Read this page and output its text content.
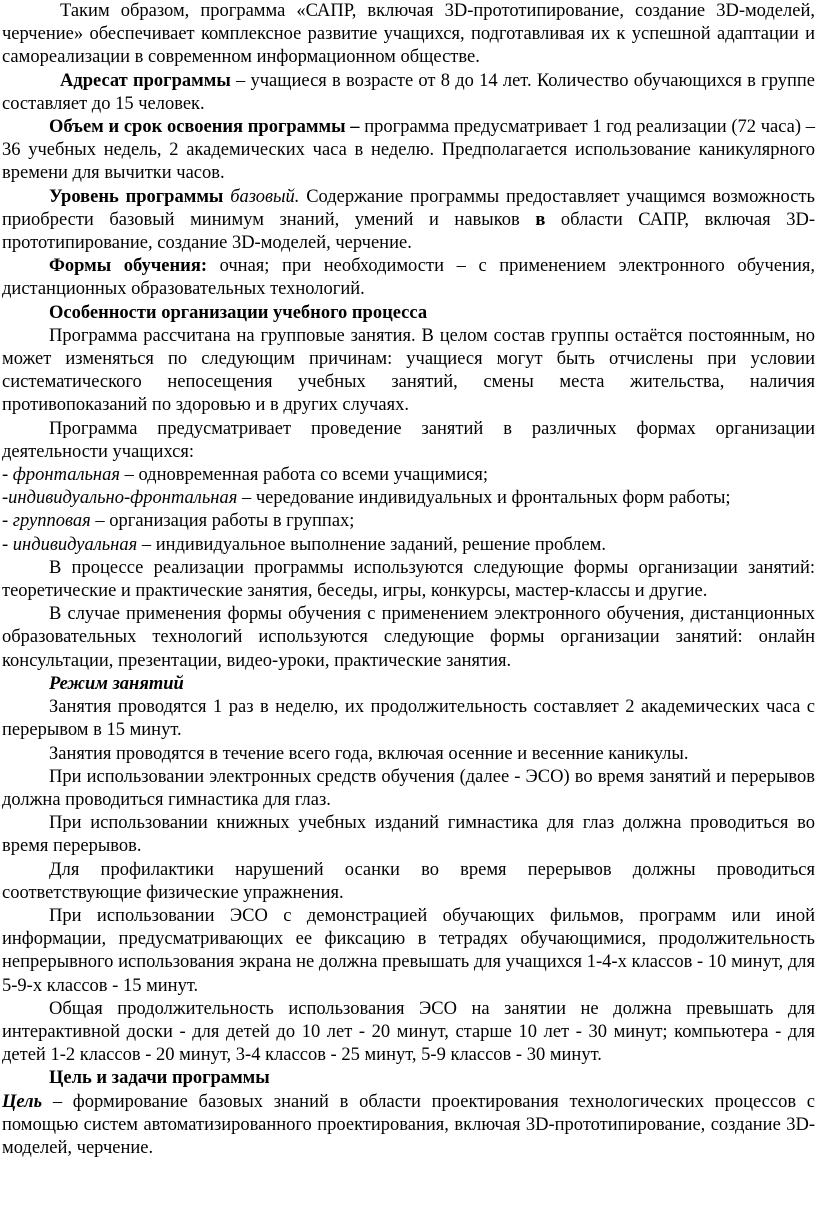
Таким образом, программа «САПР, включая 3D-прототипирование, создание 3D-моделей, черчение» обеспечивает комплексное развитие учащихся, подготавливая их к успешной адаптации и самореализации в современном информационном обществе.

Адресат программы – учащиеся в возрасте от 8 до 14 лет. Количество обучающихся в группе составляет до 15 человек.

Объем и срок освоения программы – программа предусматривает 1 год реализации (72 часа) – 36 учебных недель, 2 академических часа в неделю. Предполагается использование каникулярного времени для вычитки часов.

Уровень программы базовый. Содержание программы предоставляет учащимся возможность приобрести базовый минимум знаний, умений и навыков в области САПР, включая 3D-прототипирование, создание 3D-моделей, черчение.

Формы обучения: очная; при необходимости – с применением электронного обучения, дистанционных образовательных технологий.

Особенности организации учебного процесса

Программа рассчитана на групповые занятия. В целом состав группы остаётся постоянным, но может изменяться по следующим причинам: учащиеся могут быть отчислены при условии систематического непосещения учебных занятий, смены места жительства, наличия противопоказаний по здоровью и в других случаях.

Программа предусматривает проведение занятий в различных формах организации деятельности учащихся:

- фронтальная – одновременная работа со всеми учащимися;

-индивидуально-фронтальная – чередование индивидуальных и фронтальных форм работы;

- групповая – организация работы в группах;

- индивидуальная – индивидуальное выполнение заданий, решение проблем.

В процессе реализации программы используются следующие формы организации занятий: теоретические и практические занятия, беседы, игры, конкурсы, мастер-классы и другие.

В случае применения формы обучения с применением электронного обучения, дистанционных образовательных технологий используются следующие формы организации занятий: онлайн консультации, презентации, видео-уроки, практические занятия.

Режим занятий

Занятия проводятся 1 раз в неделю, их продолжительность составляет 2 академических часа с перерывом в 15 минут.

Занятия проводятся в течение всего года, включая осенние и весенние каникулы.

При использовании электронных средств обучения (далее - ЭСО) во время занятий и перерывов должна проводиться гимнастика для глаз.

При использовании книжных учебных изданий гимнастика для глаз должна проводиться во время перерывов.

Для профилактики нарушений осанки во время перерывов должны проводиться соответствующие физические упражнения.

При использовании ЭСО с демонстрацией обучающих фильмов, программ или иной информации, предусматривающих ее фиксацию в тетрадях обучающимися, продолжительность непрерывного использования экрана не должна превышать для учащихся 1-4-х классов - 10 минут, для 5-9-х классов - 15 минут.

Общая продолжительность использования ЭСО на занятии не должна превышать для интерактивной доски - для детей до 10 лет - 20 минут, старше 10 лет - 30 минут; компьютера - для детей 1-2 классов - 20 минут, 3-4 классов - 25 минут, 5-9 классов - 30 минут.

Цель и задачи программы

Цель – формирование базовых знаний в области проектирования технологических процессов с помощью систем автоматизированного проектирования, включая 3D-прототипирование, создание 3D-моделей, черчение.
